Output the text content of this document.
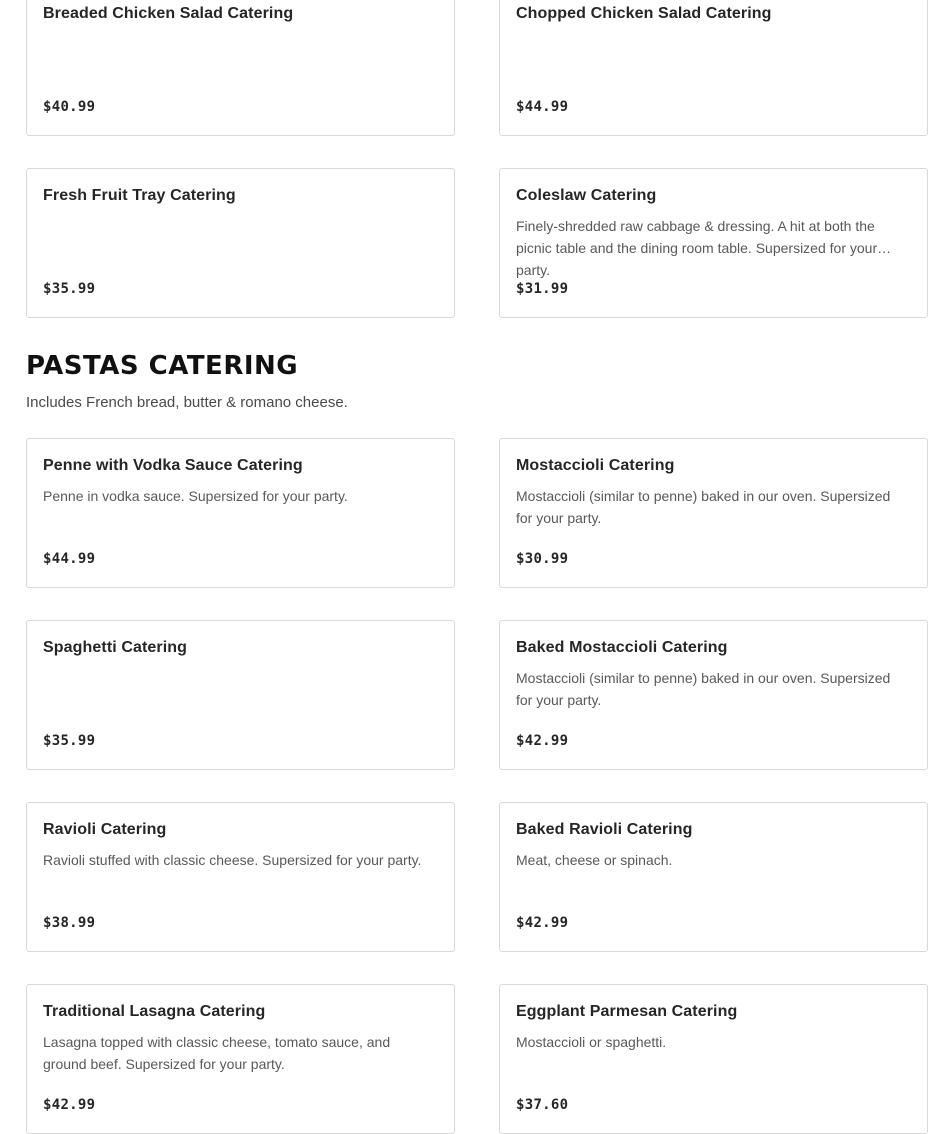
Breaded Chicken Salad Catering
$40.99
Chopped Chicken Salad Catering
$44.99
Fresh Fruit Tray Catering
$35.99
Coleslaw Catering
Finely-shredded raw cabbage & dressing. A hit at both the picnic table and the dining room table. Supersized for your party.
$31.99
PASTAS CATERING

Includes French bread, butter & romano cheese.

Penne with Vodka Sauce Catering
Penne in vodka sauce. Supersized for your party.
$44.99
Mostaccioli Catering
Mostaccioli (similar to penne) baked in our oven. Supersized for your party.
$30.99
Spaghetti Catering
$35.99
Baked Mostaccioli Catering
Mostaccioli (similar to penne) baked in our oven. Supersized for your party.
$42.99
Ravioli Catering
Ravioli stuffed with classic cheese. Supersized for your party.
$38.99
Baked Ravioli Catering
Meat, cheese or spinach.
$42.99
Traditional Lasagna Catering
Lasagna topped with classic cheese, tomato sauce, and ground beef. Supersized for your party.
$42.99
Eggplant Parmesan Catering
Mostaccioli or spaghetti.
$37.60
